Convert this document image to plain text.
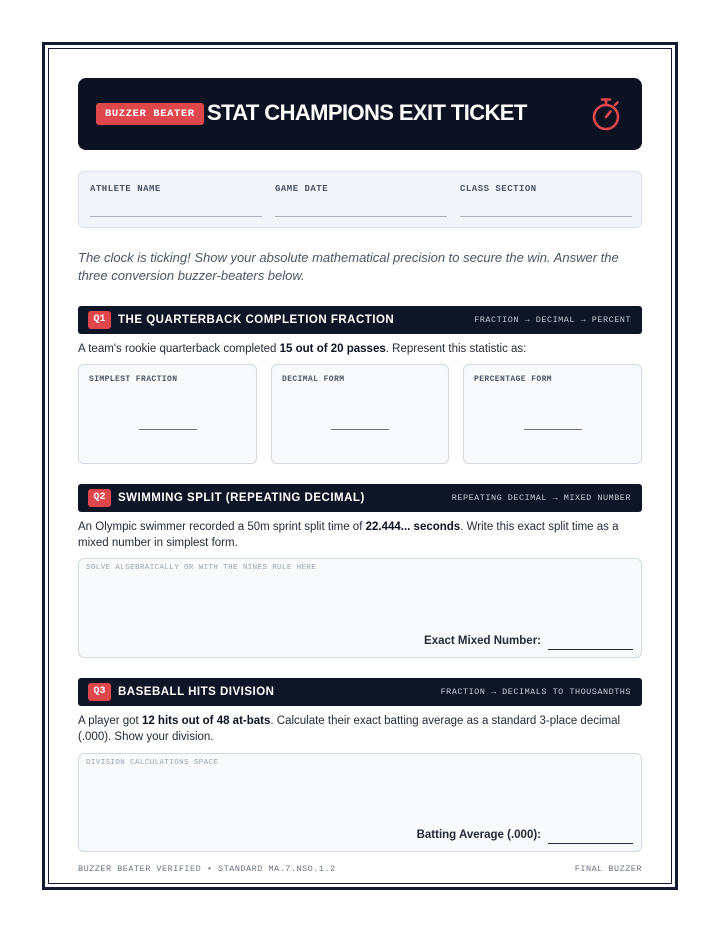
BUZZER BEATER STAT CHAMPIONS EXIT TICKET
ATHLETE NAME	GAME DATE	CLASS SECTION
The clock is ticking! Show your absolute mathematical precision to secure the win. Answer the three conversion buzzer-beaters below.
Q1	THE QUARTERBACK COMPLETION FRACTION	FRACTION → DECIMAL → PERCENT
A team's rookie quarterback completed 15 out of 20 passes. Represent this statistic as:
SIMPLEST FRACTION	DECIMAL FORM	PERCENTAGE FORM
Q2	SWIMMING SPLIT (REPEATING DECIMAL)	REPEATING DECIMAL → MIXED NUMBER
An Olympic swimmer recorded a 50m sprint split time of 22.444... seconds. Write this exact split time as a mixed number in simplest form.
SOLVE ALGEBRAICALLY OR WITH THE NINES RULE HERE
Exact Mixed Number:
Q3	BASEBALL HITS DIVISION	FRACTION → DECIMALS TO THOUSANDTHS
A player got 12 hits out of 48 at-bats. Calculate their exact batting average as a standard 3-place decimal (.000). Show your division.
DIVISION CALCULATIONS SPACE
Batting Average (.000):
BUZZER BEATER VERIFIED • STANDARD MA.7.NSO.1.2	FINAL BUZZER
